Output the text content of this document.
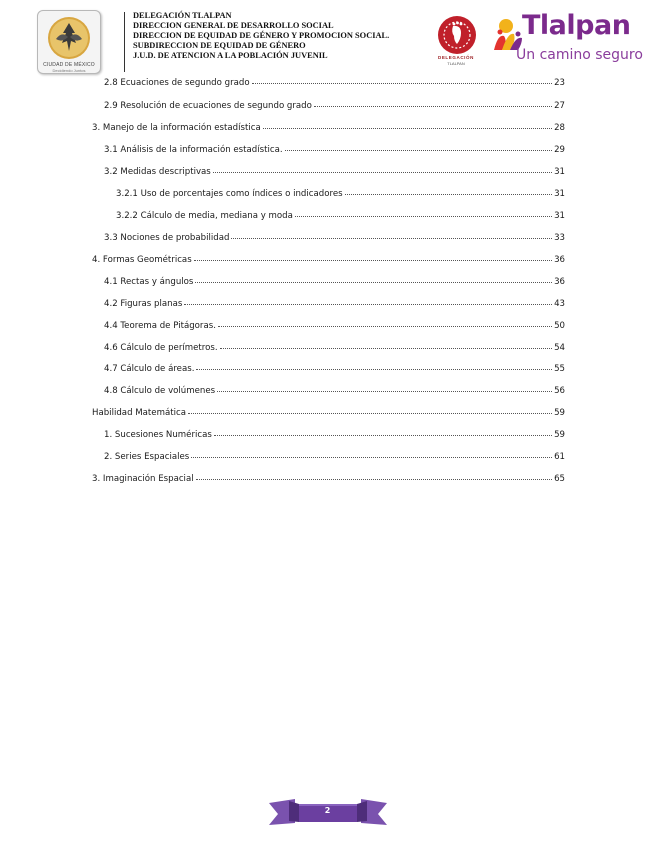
CIUDAD DE MÉXICO
Decidiendo Juntos
DELEGACIÓN TLALPAN
DIRECCION GENERAL DE DESARROLLO SOCIAL
DIRECCION DE EQUIDAD DE GÉNERO Y PROMOCION SOCIAL.
SUBDIRECCION DE EQUIDAD DE GÉNERO
J.U.D. DE ATENCION A LA POBLACIÓN JUVENIL	DELEGACIÓN
TLALPAN
Tlalpan
Un camino seguro
2.8 Ecuaciones de segundo grado	23
2.9 Resolución de ecuaciones de segundo grado	27
3. Manejo de la información estadística	28
3.1 Análisis de la información estadística.	29
3.2 Medidas descriptivas	31
3.2.1 Uso de porcentajes como índices o indicadores	31
3.2.2 Cálculo de media, mediana y moda	31
3.3 Nociones de probabilidad	33
4. Formas Geométricas	36
4.1 Rectas y ángulos	36
4.2 Figuras planas	43
4.4 Teorema de Pitágoras.	50
4.6 Cálculo de perímetros.	54
4.7 Cálculo de áreas.	55
4.8 Cálculo de volúmenes	56
Habilidad Matemática	59
1. Sucesiones Numéricas	59
2. Series Espaciales	61
3. Imaginación Espacial	65
2
